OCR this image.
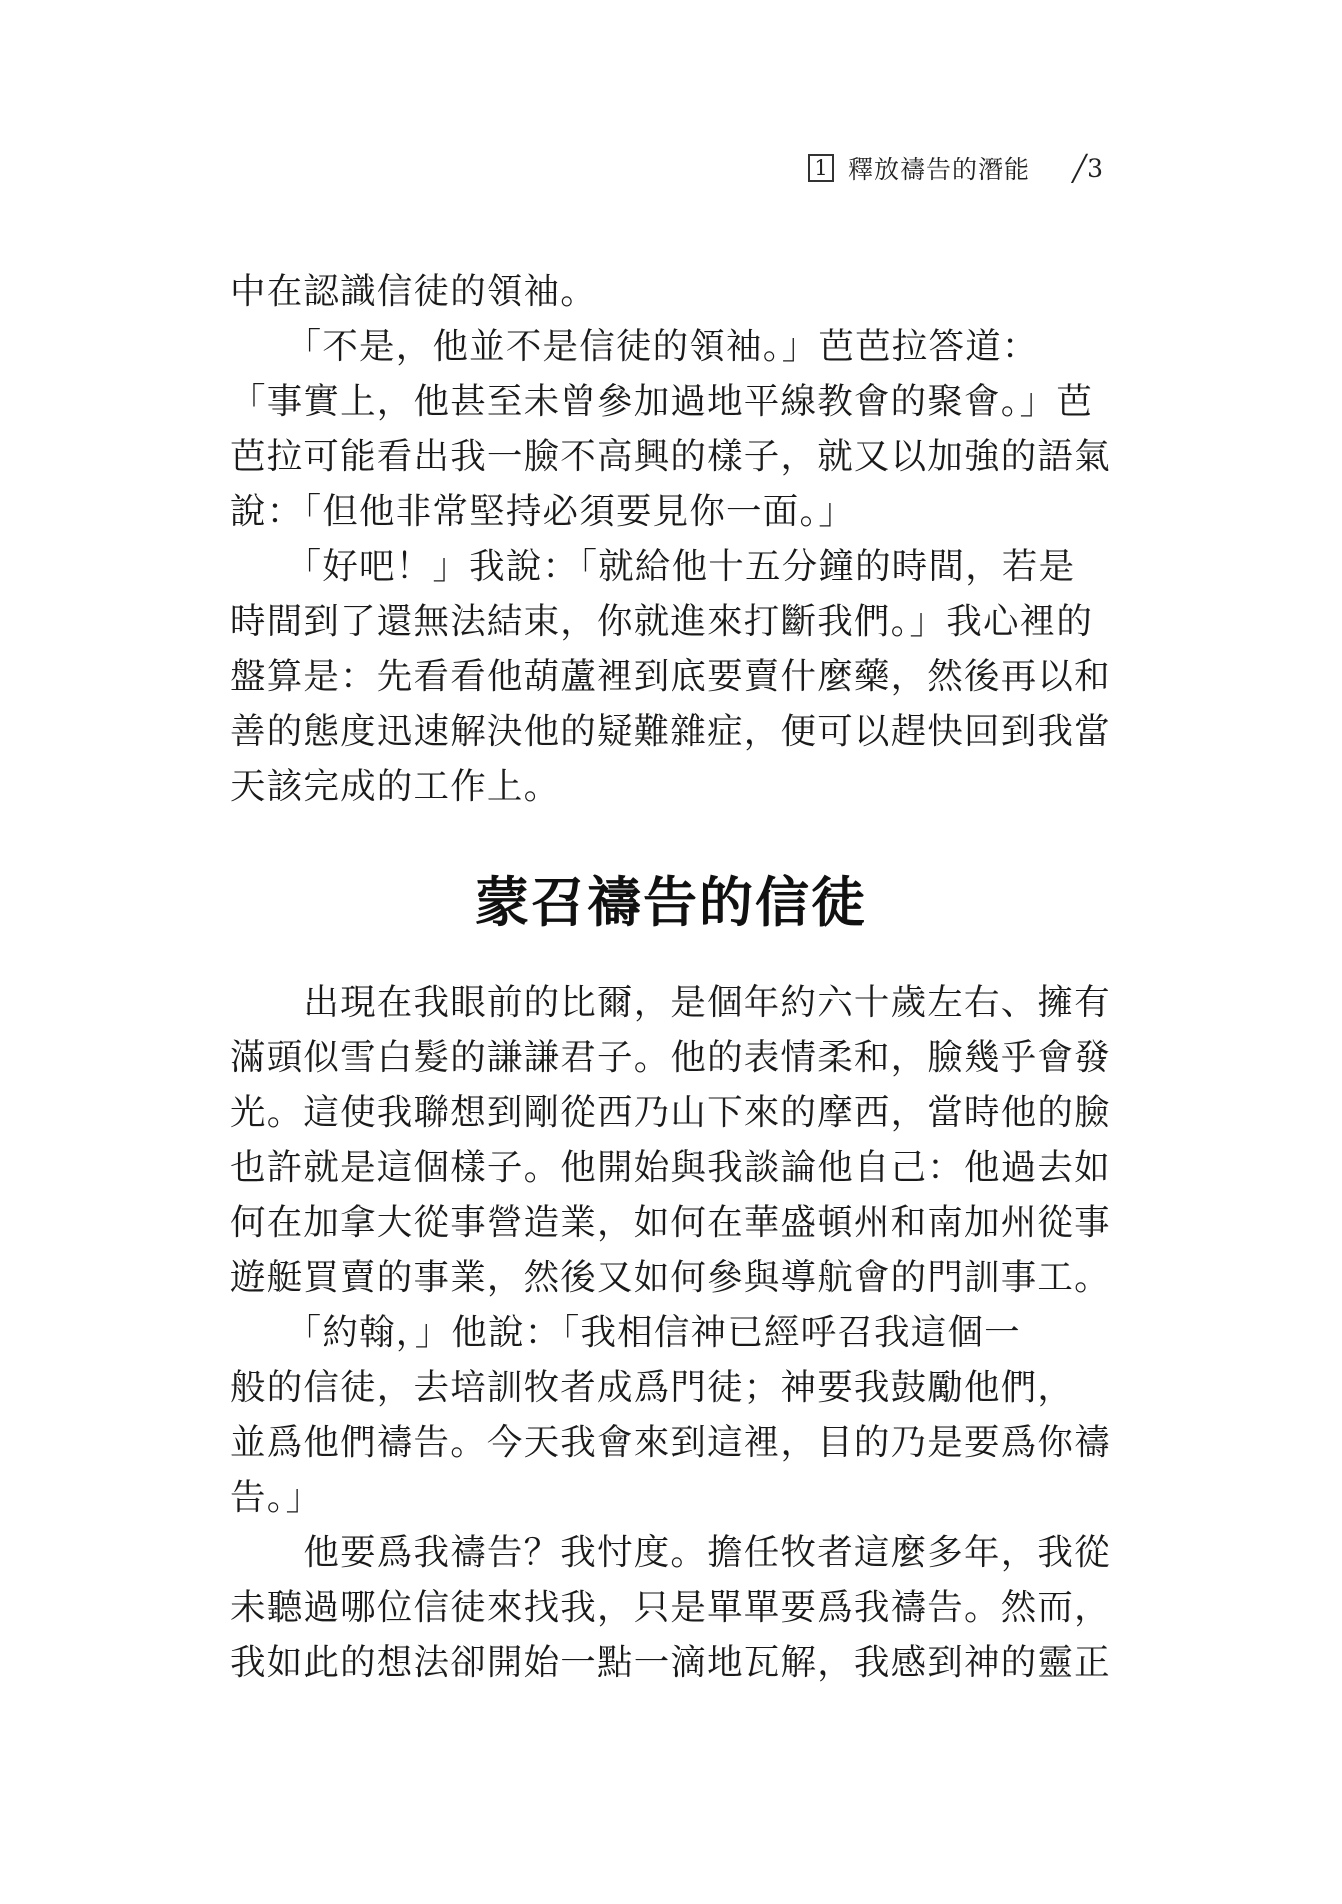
1 釋放禱告的潛能 ╱3
中在認識信徒的領袖。
　　「不是，他並不是信徒的領袖。」芭芭拉答道：
「事實上，他甚至未曾參加過地平線教會的聚會。」芭
芭拉可能看出我一臉不高興的樣子，就又以加強的語氣
說：「但他非常堅持必須要見你一面。」
　　「好吧！」我說：「就給他十五分鐘的時間，若是
時間到了還無法結束，你就進來打斷我們。」我心裡的
盤算是：先看看他葫蘆裡到底要賣什麼藥，然後再以和
善的態度迅速解決他的疑難雜症，便可以趕快回到我當
天該完成的工作上。
蒙召禱告的信徒
　　出現在我眼前的比爾，是個年約六十歲左右、擁有
滿頭似雪白髮的謙謙君子。他的表情柔和，臉幾乎會發
光。這使我聯想到剛從西乃山下來的摩西，當時他的臉
也許就是這個樣子。他開始與我談論他自己：他過去如
何在加拿大從事營造業，如何在華盛頓州和南加州從事
遊艇買賣的事業，然後又如何參與導航會的門訓事工。
　　「約翰，」他說：「我相信神已經呼召我這個一
般的信徒，去培訓牧者成爲門徒；神要我鼓勵他們，
並爲他們禱告。今天我會來到這裡，目的乃是要爲你禱
告。」
　　他要爲我禱告？我忖度。擔任牧者這麼多年，我從
未聽過哪位信徒來找我，只是單單要爲我禱告。然而，
我如此的想法卻開始一點一滴地瓦解，我感到神的靈正
